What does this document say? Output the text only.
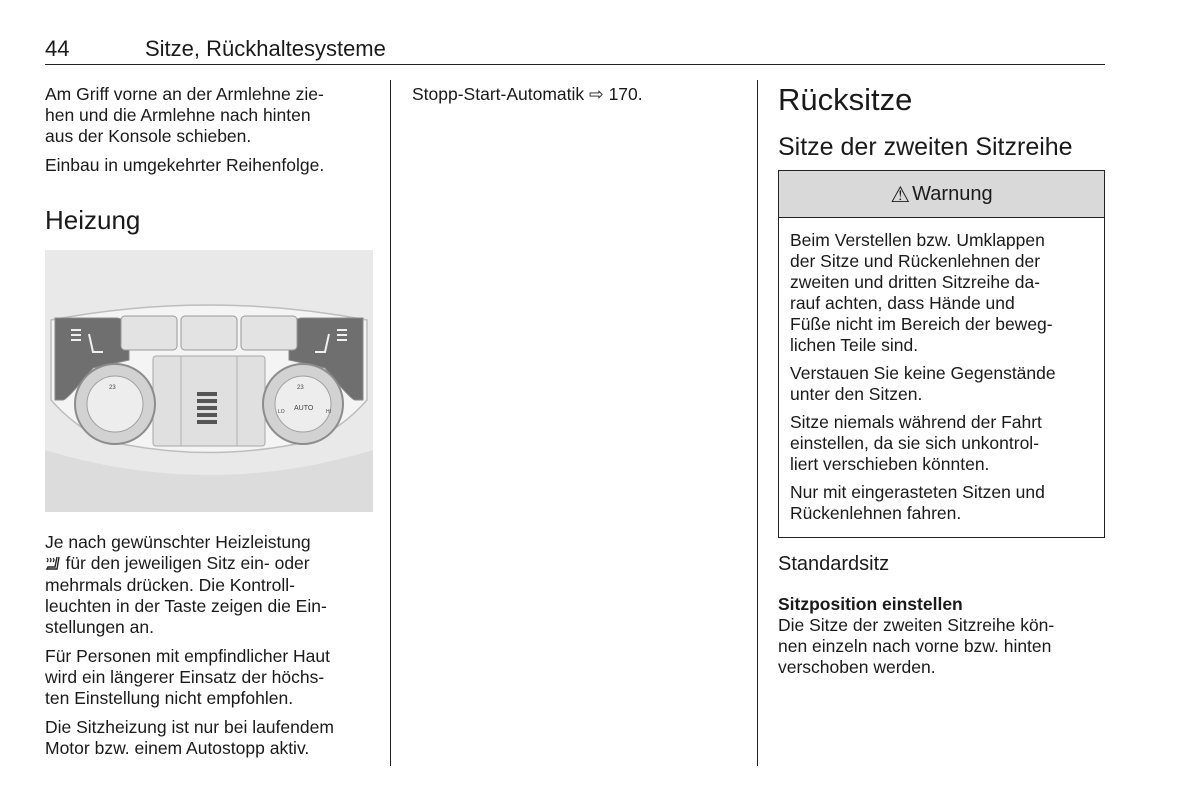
44	Sitze, Rückhaltesysteme

Am Griff vorne an der Armlehne zie-
hen und die Armlehne nach hinten
aus der Konsole schieben.

Einbau in umgekehrter Reihenfolge.

Heizung
23	23
AUTO
LO	HI

Je nach gewünschter Heizleistung
für den jeweiligen Sitz ein- oder
mehrmals drücken. Die Kontroll-
leuchten in der Taste zeigen die Ein-
stellungen an.

Für Personen mit empfindlicher Haut
wird ein längerer Einsatz der höchs-
ten Einstellung nicht empfohlen.

Die Sitzheizung ist nur bei laufendem
Motor bzw. einem Autostopp aktiv.

Stopp-Start-Automatik ⇨ 170.	Rücksitze
Sitze der zweiten Sitzreihe
⚠ Warnung

Beim Verstellen bzw. Umklappen
der Sitze und Rückenlehnen der
zweiten und dritten Sitzreihe da-
rauf achten, dass Hände und
Füße nicht im Bereich der beweg-
lichen Teile sind.

Verstauen Sie keine Gegenstände
unter den Sitzen.

Sitze niemals während der Fahrt
einstellen, da sie sich unkontrol-
liert verschieben könnten.

Nur mit eingerasteten Sitzen und
Rückenlehnen fahren.

Standardsitz
Sitzposition einstellen

Die Sitze der zweiten Sitzreihe kön-
nen einzeln nach vorne bzw. hinten
verschoben werden.
